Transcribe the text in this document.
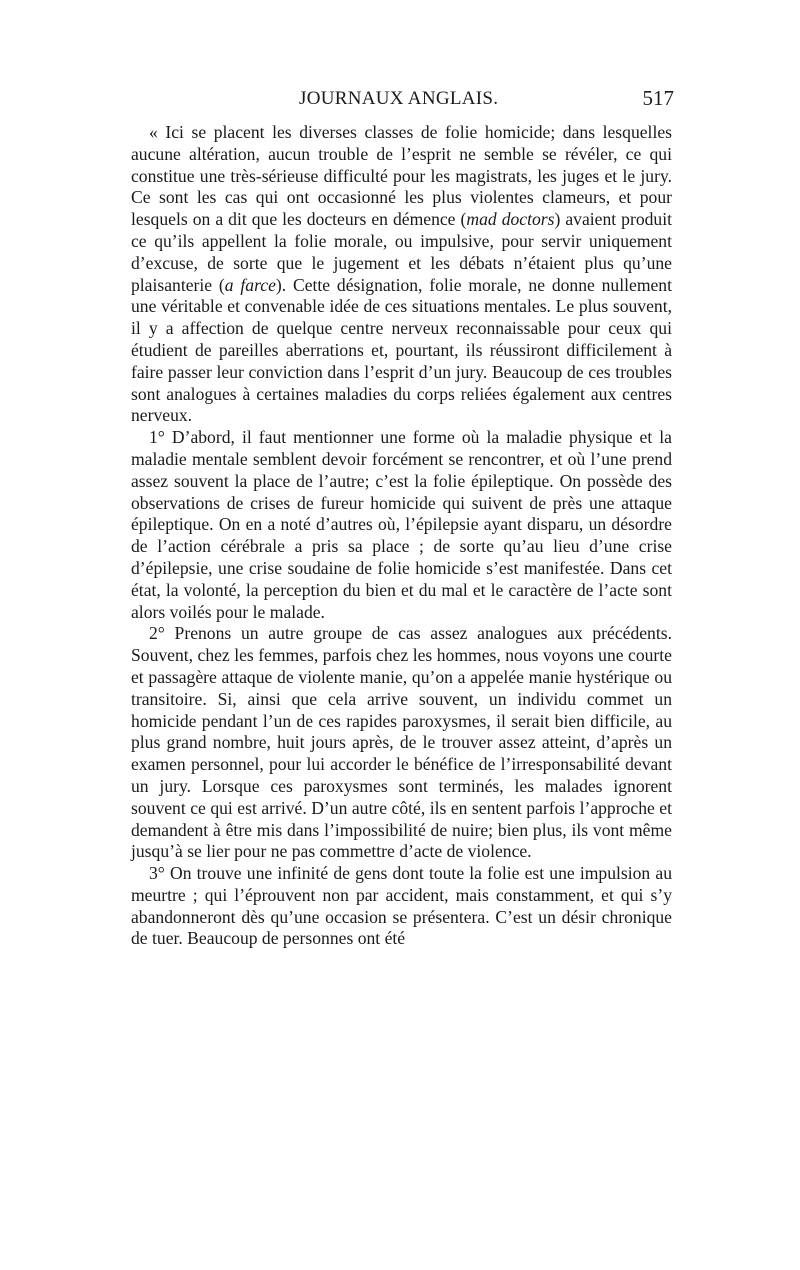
JOURNAUX ANGLAIS.	517

« Ici se placent les diverses classes de folie homicide; dans lesquelles aucune altération, aucun trouble de l’esprit ne semble se révéler, ce qui constitue une très-sérieuse difficulté pour les magistrats, les juges et le jury. Ce sont les cas qui ont occasionné les plus violentes clameurs, et pour lesquels on a dit que les docteurs en démence (mad doctors) avaient produit ce qu’ils appellent la folie morale, ou impulsive, pour servir uniquement d’excuse, de sorte que le jugement et les débats n’étaient plus qu’une plaisanterie (a farce). Cette désignation, folie morale, ne donne nullement une véritable et convenable idée de ces situations mentales. Le plus souvent, il y a affection de quelque centre nerveux reconnaissable pour ceux qui étudient de pareilles aberrations et, pourtant, ils réussiront difficilement à faire passer leur conviction dans l’esprit d’un jury. Beaucoup de ces troubles sont analogues à certaines maladies du corps reliées également aux centres nerveux.

1° D’abord, il faut mentionner une forme où la maladie physique et la maladie mentale semblent devoir forcément se rencontrer, et où l’une prend assez souvent la place de l’autre; c’est la folie épileptique. On possède des observations de crises de fureur homicide qui suivent de près une attaque épileptique. On en a noté d’autres où, l’épilepsie ayant disparu, un désordre de l’action cérébrale a pris sa place ; de sorte qu’au lieu d’une crise d’épilepsie, une crise soudaine de folie homicide s’est manifestée. Dans cet état, la volonté, la perception du bien et du mal et le caractère de l’acte sont alors voilés pour le malade.

2° Prenons un autre groupe de cas assez analogues aux précédents. Souvent, chez les femmes, parfois chez les hommes, nous voyons une courte et passagère attaque de violente manie, qu’on a appelée manie hystérique ou transitoire. Si, ainsi que cela arrive souvent, un individu commet un homicide pendant l’un de ces rapides paroxysmes, il serait bien difficile, au plus grand nombre, huit jours après, de le trouver assez atteint, d’après un examen personnel, pour lui accorder le bénéfice de l’irresponsabilité devant un jury. Lorsque ces paroxysmes sont terminés, les malades ignorent souvent ce qui est arrivé. D’un autre côté, ils en sentent parfois l’approche et demandent à être mis dans l’impossibilité de nuire; bien plus, ils vont même jusqu’à se lier pour ne pas commettre d’acte de violence.

3° On trouve une infinité de gens dont toute la folie est une impulsion au meurtre ; qui l’éprouvent non par accident, mais constamment, et qui s’y abandonneront dès qu’une occasion se présentera. C’est un désir chronique de tuer. Beaucoup de personnes ont été
